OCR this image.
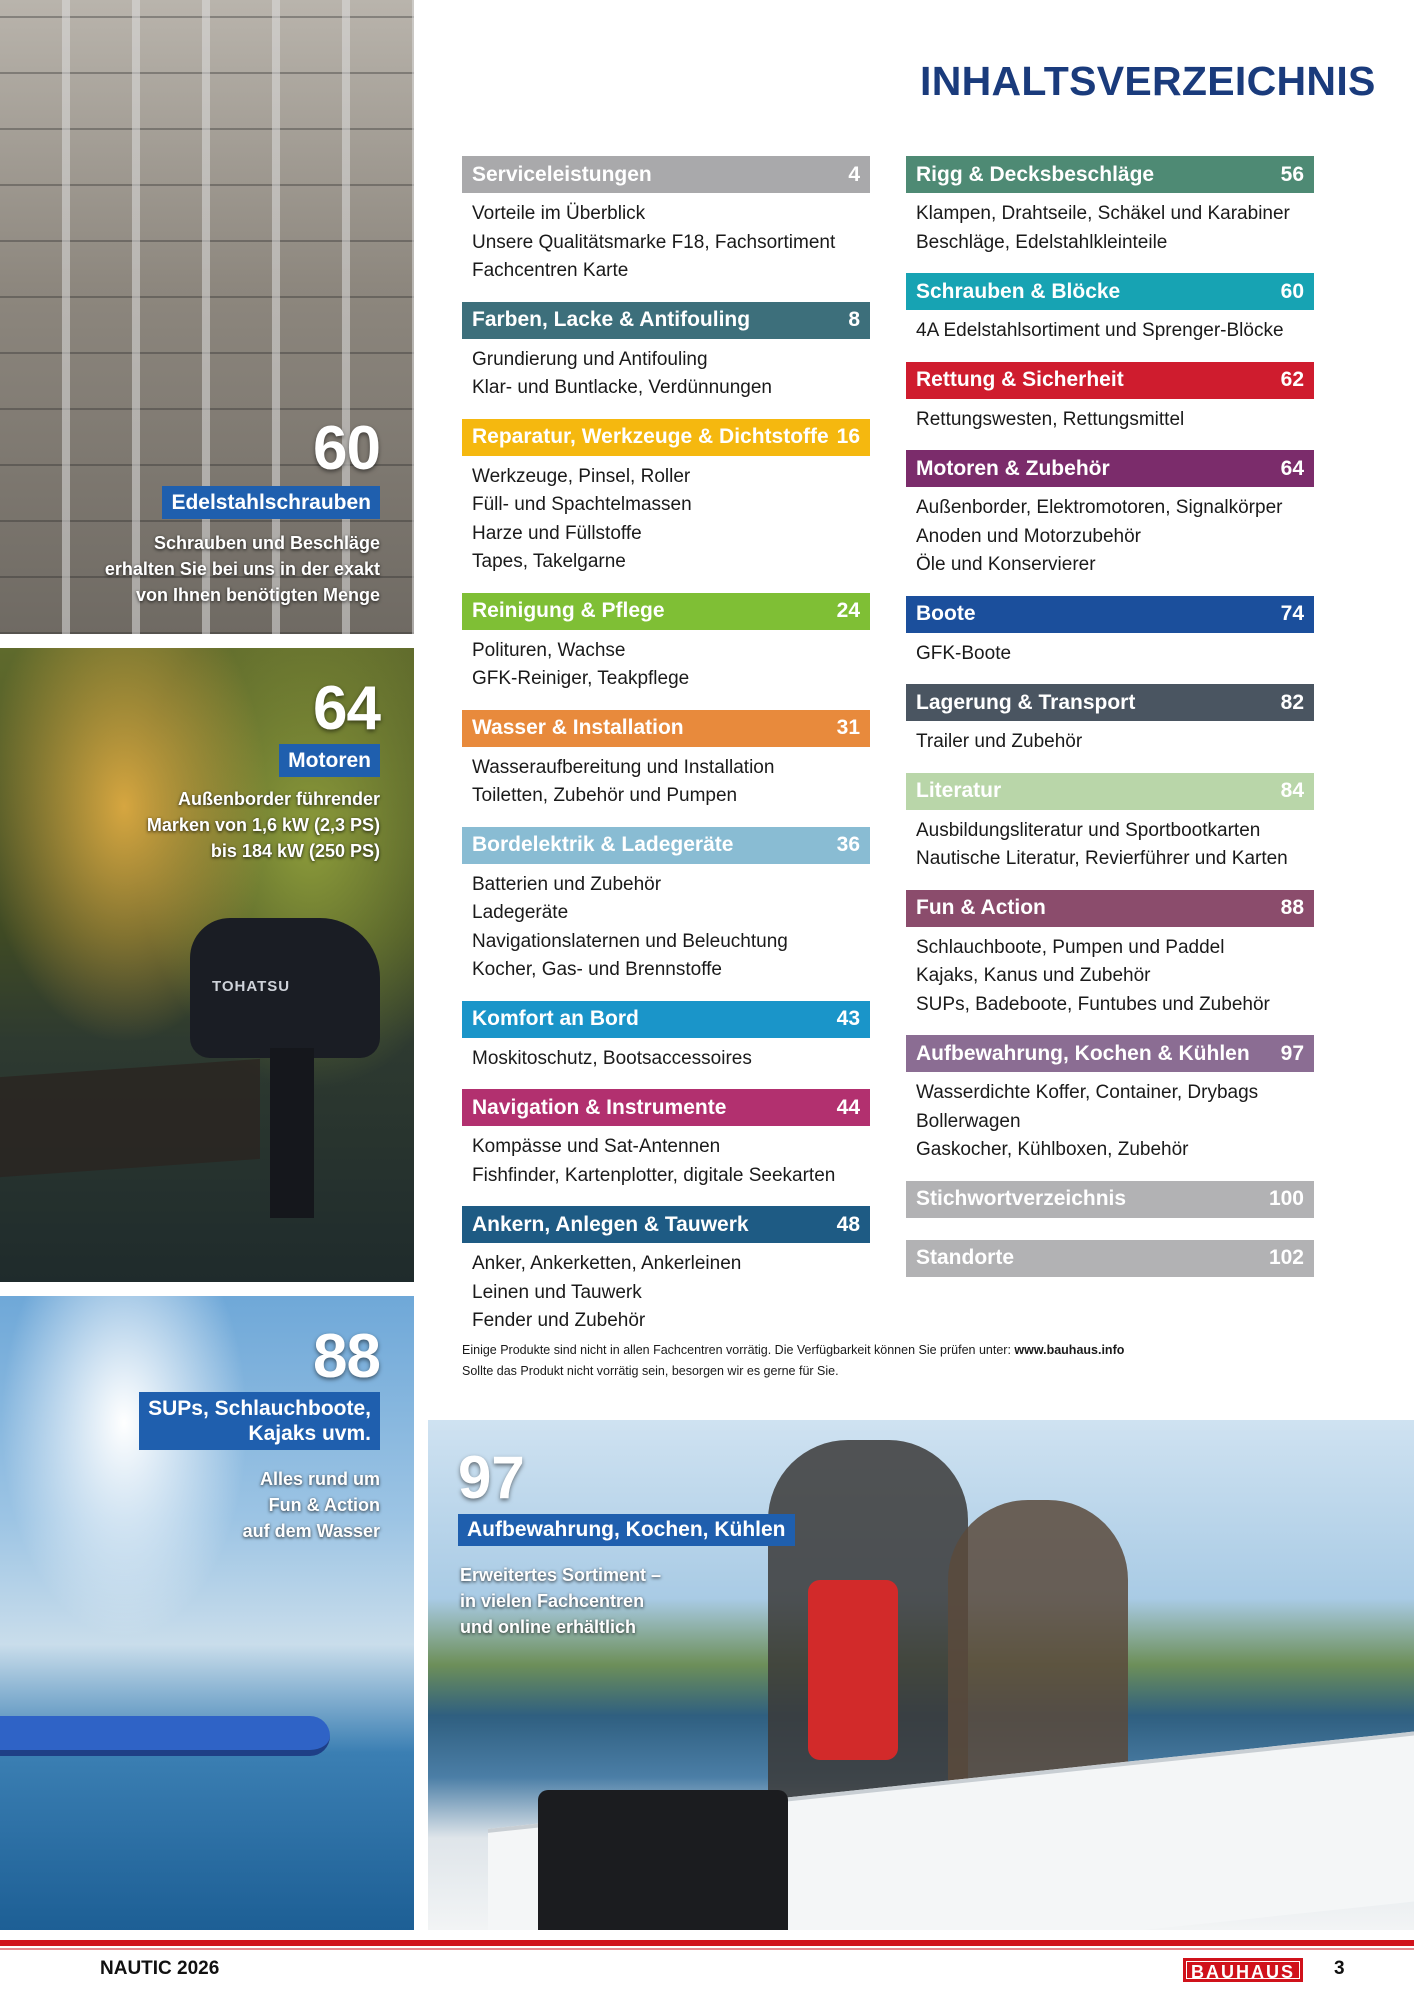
60
Edelstahlschrauben
Schrauben und Beschläge
erhalten Sie bei uns in der exakt
von Ihnen benötigten Menge
TOHATSU
64
Motoren
Außenborder führender
Marken von 1,6 kW (2,3 PS)
bis 184 kW (250 PS)
88
SUPs, Schlauchboote,
Kajaks uvm.
Alles rund um
Fun & Action
auf dem Wasser
INHALTSVERZEICHNIS
Serviceleistungen	4
Vorteile im Überblick
Unsere Qualitätsmarke F18, Fachsortiment
Fachcentren Karte
Farben, Lacke & Antifouling	8
Grundierung und Antifouling
Klar- und Buntlacke, Verdünnungen
Reparatur, Werkzeuge & Dichtstoffe 16
Werkzeuge, Pinsel, Roller
Füll- und Spachtelmassen
Harze und Füllstoffe
Tapes, Takelgarne
Reinigung & Pflege	24
Polituren, Wachse
GFK-Reiniger, Teakpflege
Wasser & Installation	31
Wasseraufbereitung und Installation
Toiletten, Zubehör und Pumpen
Bordelektrik & Ladegeräte	36
Batterien und Zubehör
Ladegeräte
Navigationslaternen und Beleuchtung
Kocher, Gas- und Brennstoffe
Komfort an Bord	43
Moskitoschutz, Bootsaccessoires
Navigation & Instrumente	44
Kompässe und Sat-Antennen
Fishfinder, Kartenplotter, digitale Seekarten
Ankern, Anlegen & Tauwerk	48
Anker, Ankerketten, Ankerleinen
Leinen und Tauwerk
Fender und Zubehör
Rigg & Decksbeschläge	56
Klampen, Drahtseile, Schäkel und Karabiner
Beschläge, Edelstahlkleinteile
Schrauben & Blöcke	60
4A Edelstahlsortiment und Sprenger-Blöcke
Rettung & Sicherheit	62
Rettungswesten, Rettungsmittel
Motoren & Zubehör	64
Außenborder, Elektromotoren, Signalkörper
Anoden und Motorzubehör
Öle und Konservierer
Boote	74
GFK-Boote
Lagerung & Transport	82
Trailer und Zubehör
Literatur	84
Ausbildungsliteratur und Sportbootkarten
Nautische Literatur, Revierführer und Karten
Fun & Action	88
Schlauchboote, Pumpen und Paddel
Kajaks, Kanus und Zubehör
SUPs, Badeboote, Funtubes und Zubehör
Aufbewahrung, Kochen & Kühlen 97
Wasserdichte Koffer, Container, Drybags
Bollerwagen
Gaskocher, Kühlboxen, Zubehör
Stichwortverzeichnis	100
Standorte	102
Einige Produkte sind nicht in allen Fachcentren vorrätig. Die Verfügbarkeit können Sie prüfen unter: www.bauhaus.info
Sollte das Produkt nicht vorrätig sein, besorgen wir es gerne für Sie.
97
Aufbewahrung, Kochen, Kühlen
Erweitertes Sortiment –
in vielen Fachcentren
und online erhältlich
NAUTIC 2026	BAUHAUS	3
